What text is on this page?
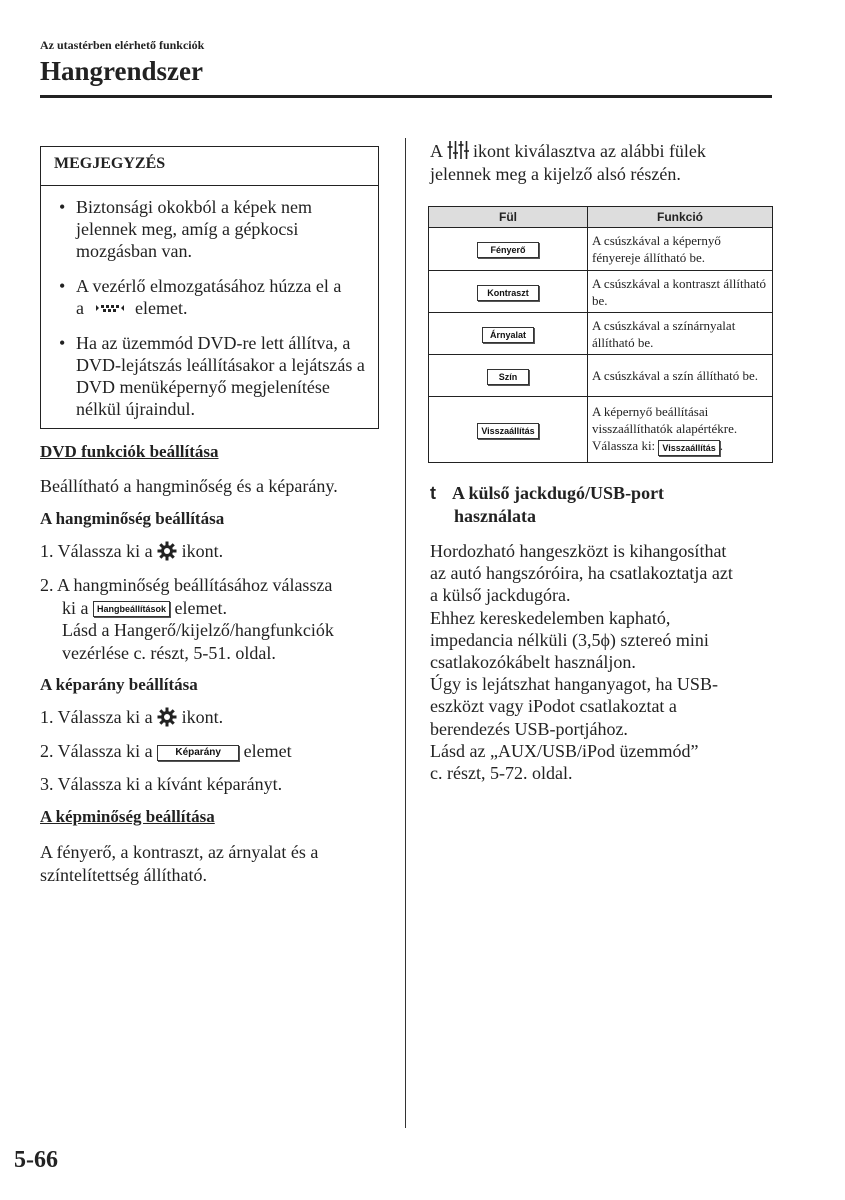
Az utastérben elérhető funkciók
Hangrendszer
MEGJEGYZÉS
• Biztonsági okokból a képek nem jelennek meg, amíg a gépkocsi mozgásban van.
• A vezérlő elmozgatásához húzza el a
a	elemet.
• Ha az üzemmód DVD-re lett állítva, a DVD-lejátszás leállításakor a lejátszás a DVD menüképernyő megjelenítése nélkül újraindul.
DVD funkciók beállítása
Beállítható a hangminőség és a képarány.
A hangminőség beállítása
1. Válassza ki a ikont.
2. A hangminőség beállításához válassza
ki a Hangbeállítások elemet.
Lásd a Hangerő/kijelző/hangfunkciók
vezérlése c. részt, 5-51. oldal.
A képarány beállítása
1. Válassza ki a ikont.
2. Válassza ki a Képarány elemet
3. Válassza ki a kívánt képarányt.
A képminőség beállítása
A fényerő, a kontraszt, az árnyalat és a színtelítettség állítható.
A ikont kiválasztva az alábbi fülek jelennek meg a kijelző alsó részén.
Fül	Funkció
Fényerő	A csúszkával a képernyő fényereje állítható be.
Kontraszt	A csúszkával a kontraszt állítható be.
Árnyalat	A csúszkával a színárnyalat állítható be.
Szín	A csúszkával a szín állítható be.
Visszaállítás	A képernyő beállításai visszaállíthatók alapértékre.
Válassza ki: Visszaállítás .
t A külső jackdugó/USB-port
használata
Hordozható hangeszközt is kihangosíthat
az autó hangszóróira, ha csatlakoztatja azt
a külső jackdugóra.
Ehhez kereskedelemben kapható,
impedancia nélküli (3,5ϕ) sztereó mini
csatlakozókábelt használjon.
Úgy is lejátszhat hanganyagot, ha USB-
eszközt vagy iPodot csatlakoztat a
berendezés USB-portjához.
Lásd az „AUX/USB/iPod üzemmód”
c. részt, 5-72. oldal.
5-66
